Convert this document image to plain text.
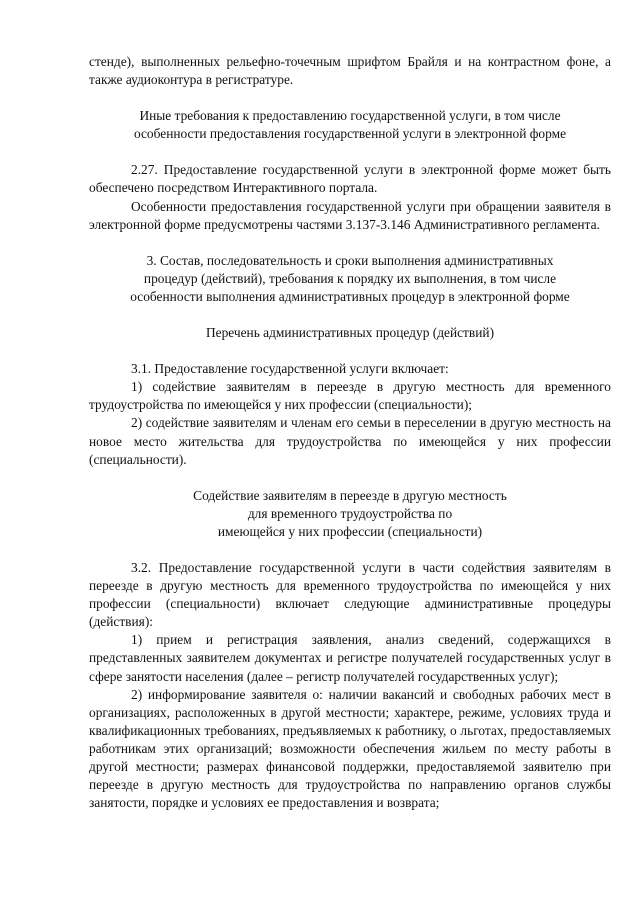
стенде), выполненных рельефно-точечным шрифтом Брайля и на контрастном фоне, а также аудиоконтура в регистратуре.

Иные требования к предоставлению государственной услуги, в том числе

особенности предоставления государственной услуги в электронной форме

2.27. Предоставление государственной услуги в электронной форме может быть обеспечено посредством Интерактивного портала.

Особенности предоставления государственной услуги при обращении заявителя в электронной форме предусмотрены частями 3.137-3.146 Административного регламента.

3. Состав, последовательность и сроки выполнения административных

процедур (действий), требования к порядку их выполнения, в том числе

особенности выполнения административных процедур в электронной форме

Перечень административных процедур (действий)

3.1. Предоставление государственной услуги включает:

1) содействие заявителям в переезде в другую местность для временного трудоустройства по имеющейся у них профессии (специальности);

2) содействие заявителям и членам его семьи в переселении в другую местность на новое место жительства для трудоустройства по имеющейся у них профессии (специальности).

Содействие заявителям в переезде в другую местность

для временного трудоустройства по

имеющейся у них профессии (специальности)

3.2. Предоставление государственной услуги в части содействия заявителям в переезде в другую местность для временного трудоустройства по имеющейся у них профессии (специальности) включает следующие административные процедуры (действия):

1) прием и регистрация заявления, анализ сведений, содержащихся в представленных заявителем документах и регистре получателей государственных услуг в сфере занятости населения (далее – регистр получателей государственных услуг);

2) информирование заявителя о: наличии вакансий и свободных рабочих мест в организациях, расположенных в другой местности; характере, режиме, условиях труда и квалификационных требованиях, предъявляемых к работнику, о льготах, предоставляемых работникам этих организаций; возможности обеспечения жильем по месту работы в другой местности; размерах финансовой поддержки, предоставляемой заявителю при переезде в другую местность для трудоустройства по направлению органов службы занятости, порядке и условиях ее предоставления и возврата;
